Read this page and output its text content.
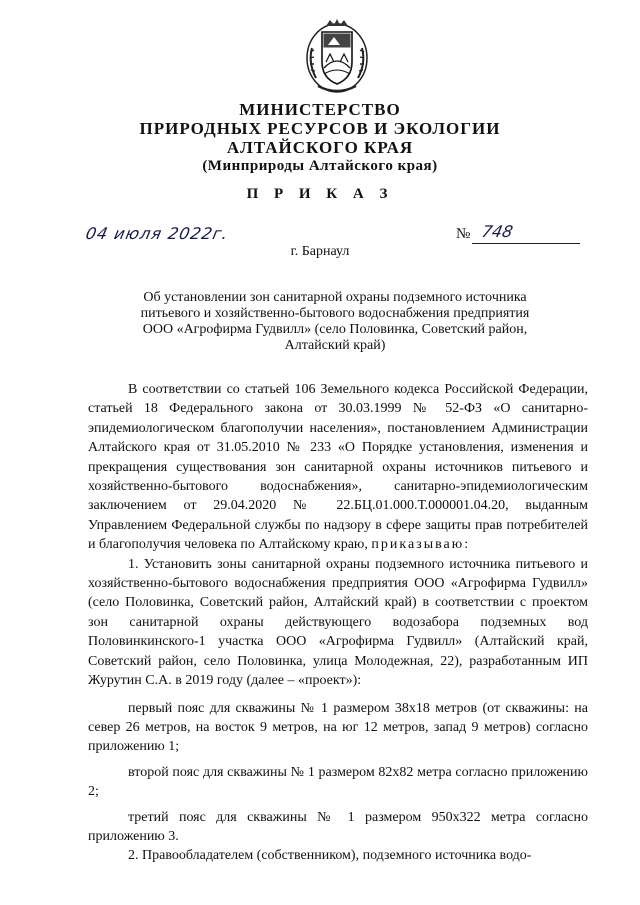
МИНИСТЕРСТВО
ПРИРОДНЫХ РЕСУРСОВ И ЭКОЛОГИИ
АЛТАЙСКОГО КРАЯ
(Минприроды Алтайского края)
П Р И К А З
04 июля 2022г.	№ 748
г. Барнаул
Об установлении зон санитарной охраны подземного источника питьевого и хозяйственно-бытового водоснабжения предприятия ООО «Агрофирма Гудвилл» (село Половинка, Советский район, Алтайский край)

В соответствии со статьей 106 Земельного кодекса Российской Федерации, статьей 18 Федерального закона от 30.03.1999 № 52-ФЗ «О санитарно-эпидемиологическом благополучии населения», постановлением Администрации Алтайского края от 31.05.2010 № 233 «О Порядке установления, изменения и прекращения существования зон санитарной охраны источников питьевого и хозяйственно-бытового водоснабжения», санитарно-эпидемиологическим заключением от 29.04.2020 № 22.БЦ.01.000.Т.000001.04.20, выданным Управлением Федеральной службы по надзору в сфере защиты прав потребителей и благополучия человека по Алтайскому краю, приказываю:

1. Установить зоны санитарной охраны подземного источника питьевого и хозяйственно-бытового водоснабжения предприятия ООО «Агрофирма Гудвилл» (село Половинка, Советский район, Алтайский край) в соответствии с проектом зон санитарной охраны действующего водозабора подземных вод Половинкинского-1 участка ООО «Агрофирма Гудвилл» (Алтайский край, Советский район, село Половинка, улица Молодежная, 22), разработанным ИП Журутин С.А. в 2019 году (далее – «проект»):

первый пояс для скважины № 1 размером 38х18 метров (от скважины: на север 26 метров, на восток 9 метров, на юг 12 метров, запад 9 метров) согласно приложению 1;

второй пояс для скважины № 1 размером 82х82 метра согласно приложению 2;

третий пояс для скважины № 1 размером 950х322 метра согласно приложению 3.

2. Правообладателем (собственником), подземного источника водо-
